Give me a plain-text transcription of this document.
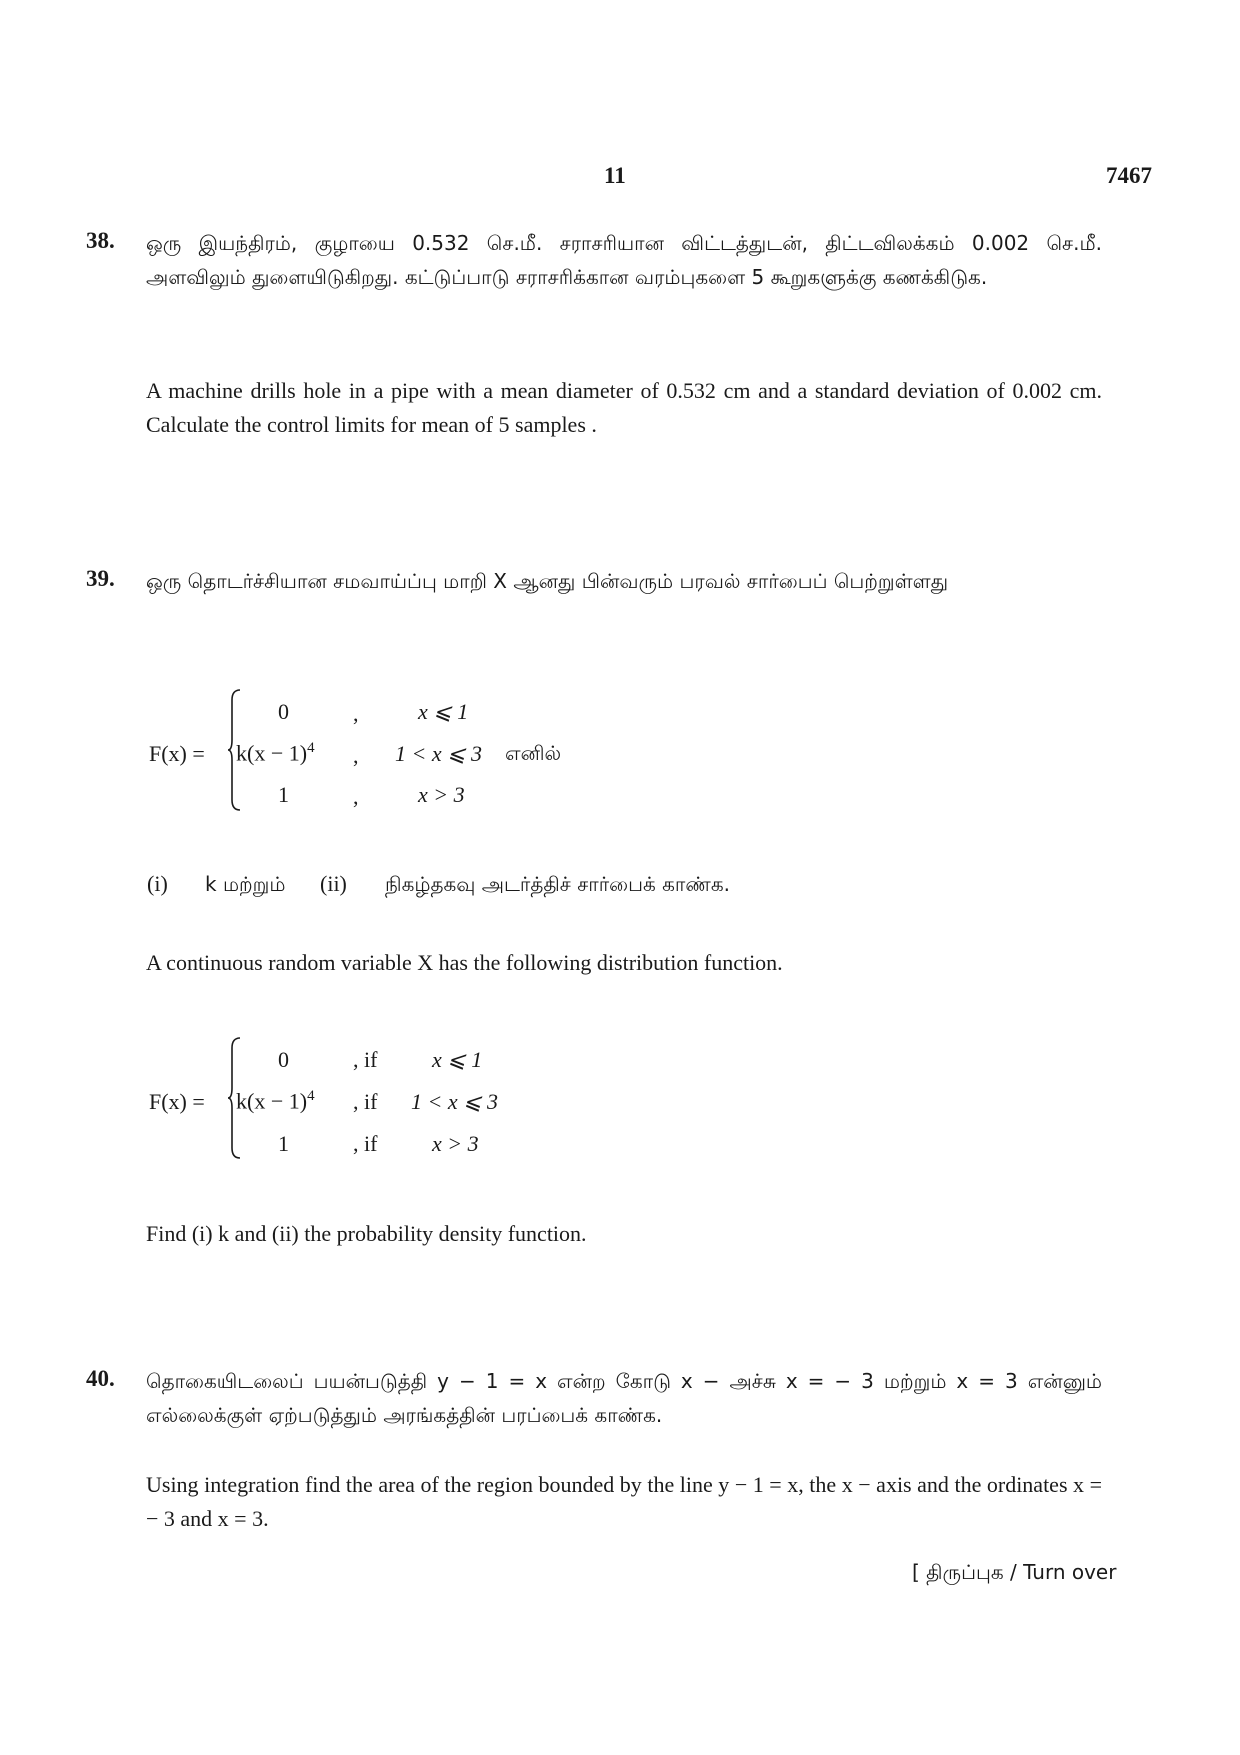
11	7467
38. ஒரு இயந்திரம், குழாயை 0.532 செ.மீ. சராசரியான விட்டத்துடன், திட்டவிலக்கம் 0.002 செ.மீ. அளவிலும் துளையிடுகிறது. கட்டுப்பாடு சராசரிக்கான வரம்புகளை 5 கூறுகளுக்கு கணக்கிடுக.
A machine drills hole in a pipe with a mean diameter of 0.532 cm and a standard deviation of 0.002 cm. Calculate the control limits for mean of 5 samples .
39. ஒரு தொடர்ச்சியான சமவாய்ப்பு மாறி X ஆனது பின்வரும் பரவல் சார்பைப் பெற்றுள்ளது
F(x) =
0	,	x ⩽ 1
$k(x - 1)^4$ , 1 < x ⩽ 3 எனில்
1	,	x > 3
(i) k மற்றும் (ii) நிகழ்தகவு அடர்த்திச் சார்பைக் காண்க.
A continuous random variable X has the following distribution function.
F(x) =
0	, if x ⩽ 1
$k(x - 1)^4$ , if 1 < x ⩽ 3
1	, if x > 3
Find (i) k and (ii) the probability density function.
40. தொகையிடலைப் பயன்படுத்தி y − 1 = x என்ற கோடு x − அச்சு x = − 3 மற்றும் x = 3 என்னும் எல்லைக்குள் ஏற்படுத்தும் அரங்கத்தின் பரப்பைக் காண்க.
Using integration find the area of the region bounded by the line y − 1 = x, the x − axis and the ordinates x = − 3 and x = 3.
[ திருப்புக / Turn over
